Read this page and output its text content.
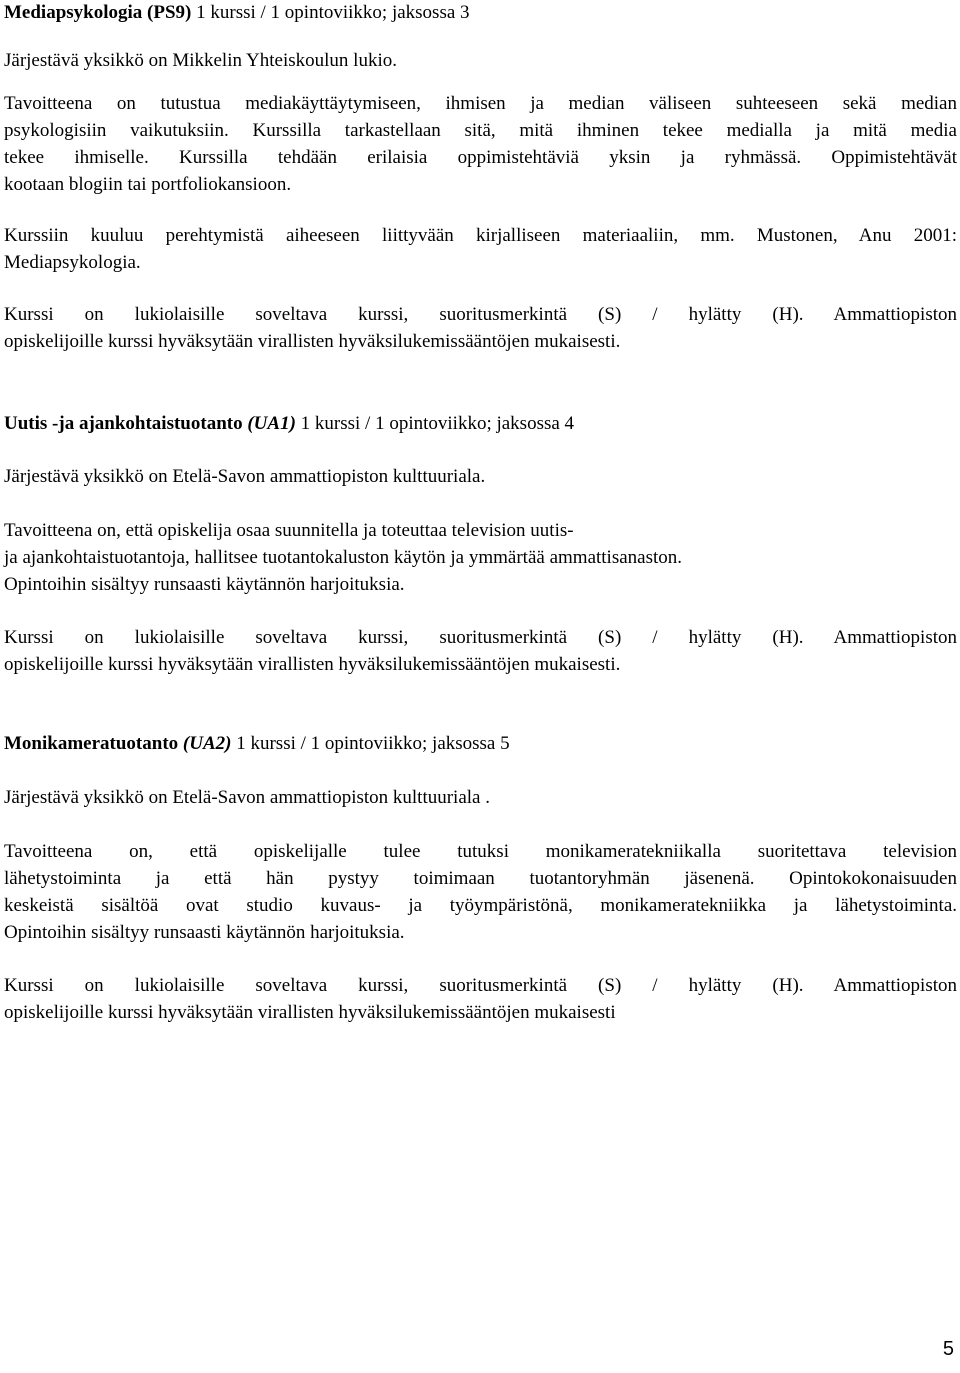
Mediapsykologia (PS9) 1 kurssi / 1 opintoviikko; jaksossa 3
Järjestävä yksikkö on Mikkelin Yhteiskoulun lukio.
Tavoitteena on tutustua mediakäyttäytymiseen, ihmisen ja median väliseen suhteeseen sekä median
psykologisiin vaikutuksiin. Kurssilla tarkastellaan sitä, mitä ihminen tekee medialla ja mitä media
tekee ihmiselle. Kurssilla tehdään erilaisia oppimistehtäviä yksin ja ryhmässä. Oppimistehtävät
kootaan blogiin tai portfoliokansioon.
Kurssiin kuuluu perehtymistä aiheeseen liittyvään kirjalliseen materiaaliin, mm. Mustonen, Anu 2001:
Mediapsykologia.
Kurssi on lukiolaisille soveltava kurssi, suoritusmerkintä (S) / hylätty (H). Ammattiopiston
opiskelijoille kurssi hyväksytään virallisten hyväksilukemissääntöjen mukaisesti.
Uutis -ja ajankohtaistuotanto (UA1) 1 kurssi / 1 opintoviikko; jaksossa 4
Järjestävä yksikkö on Etelä-Savon ammattiopiston kulttuuriala.
Tavoitteena on, että opiskelija osaa suunnitella ja toteuttaa television uutis-
ja ajankohtaistuotantoja, hallitsee tuotantokaluston käytön ja ymmärtää ammattisanaston.
Opintoihin sisältyy runsaasti käytännön harjoituksia.
Kurssi on lukiolaisille soveltava kurssi, suoritusmerkintä (S) / hylätty (H). Ammattiopiston
opiskelijoille kurssi hyväksytään virallisten hyväksilukemissääntöjen mukaisesti.
Monikameratuotanto (UA2) 1 kurssi / 1 opintoviikko; jaksossa 5
Järjestävä yksikkö on Etelä-Savon ammattiopiston kulttuuriala .
Tavoitteena on, että opiskelijalle tulee tutuksi monikameratekniikalla suoritettava television
lähetystoiminta ja että hän pystyy toimimaan tuotantoryhmän jäsenenä. Opintokokonaisuuden
keskeistä sisältöä ovat studio kuvaus- ja työympäristönä, monikameratekniikka ja lähetystoiminta.
Opintoihin sisältyy runsaasti käytännön harjoituksia.
Kurssi on lukiolaisille soveltava kurssi, suoritusmerkintä (S) / hylätty (H). Ammattiopiston
opiskelijoille kurssi hyväksytään virallisten hyväksilukemissääntöjen mukaisesti
5
